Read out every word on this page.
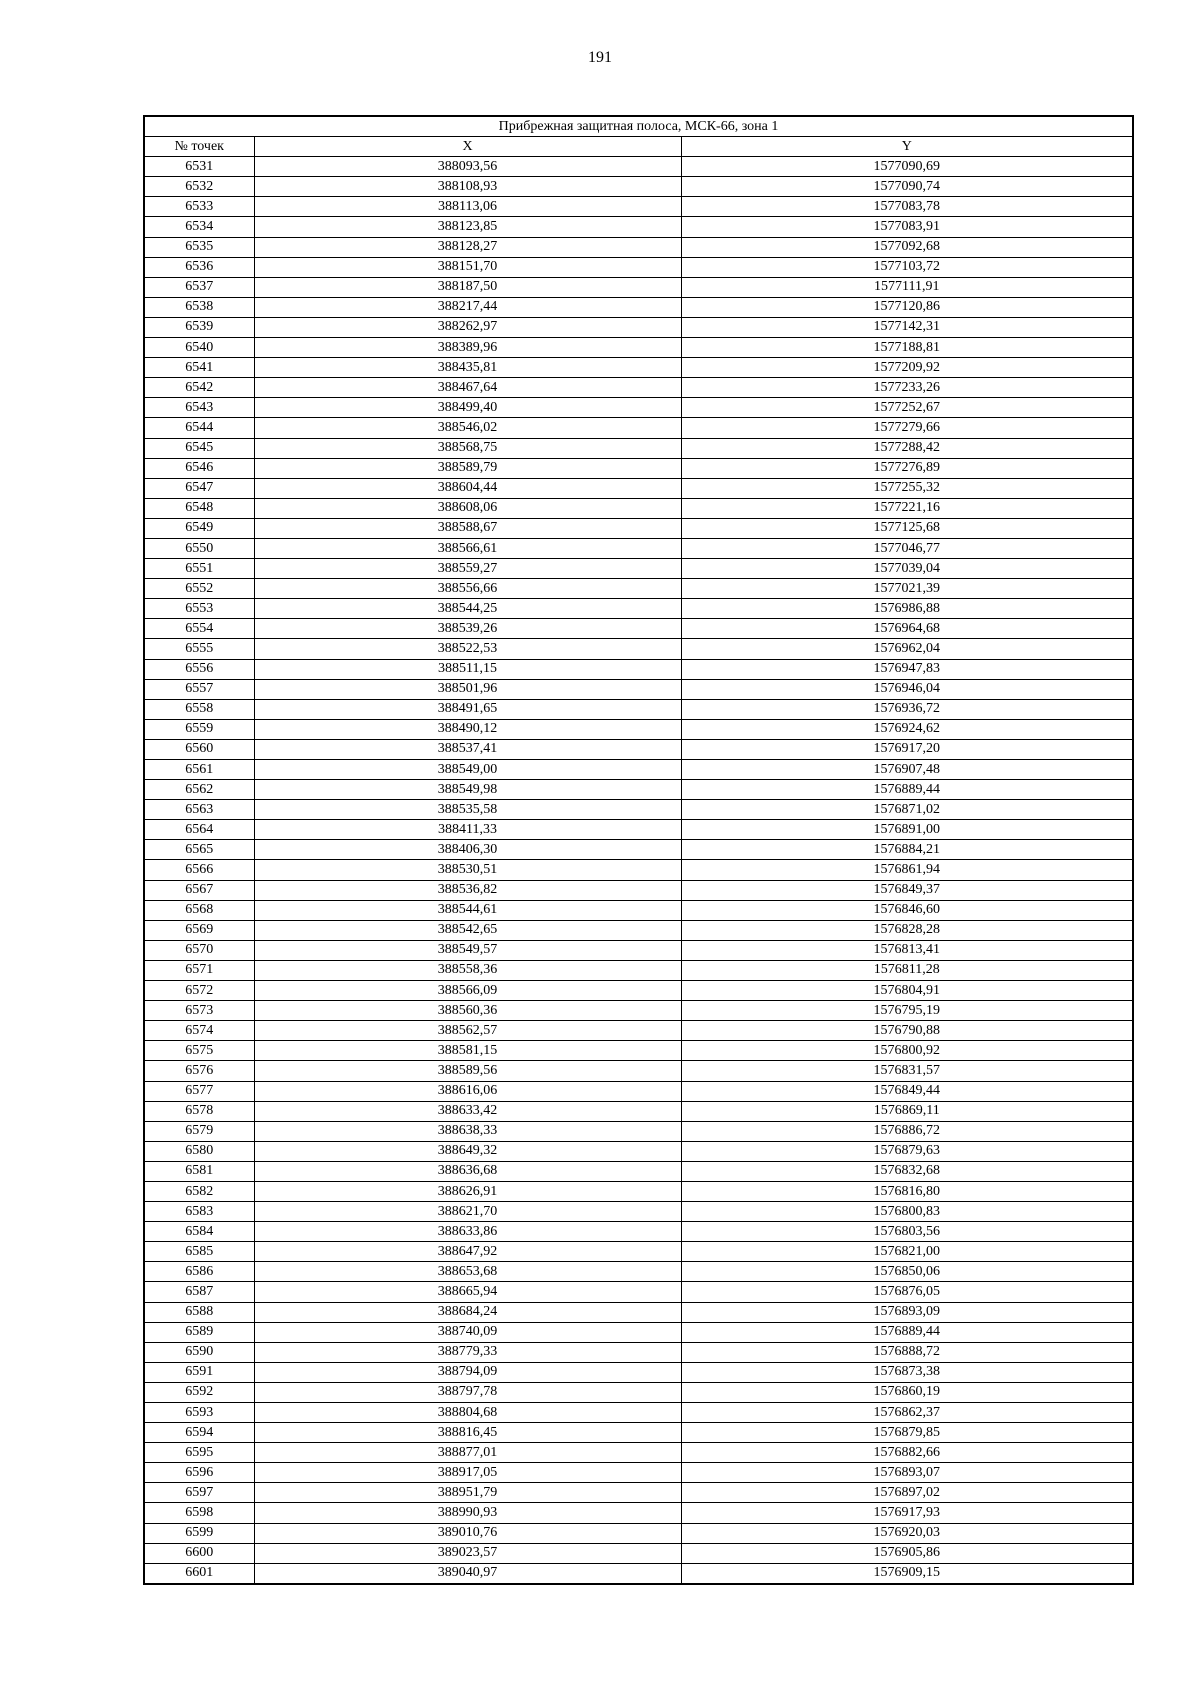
191
Прибрежная защитная полоса, МСК-66, зона 1		
№ точек	X	Y
6531	388093,56	1577090,69
6532	388108,93	1577090,74
6533	388113,06	1577083,78
6534	388123,85	1577083,91
6535	388128,27	1577092,68
6536	388151,70	1577103,72
6537	388187,50	1577111,91
6538	388217,44	1577120,86
6539	388262,97	1577142,31
6540	388389,96	1577188,81
6541	388435,81	1577209,92
6542	388467,64	1577233,26
6543	388499,40	1577252,67
6544	388546,02	1577279,66
6545	388568,75	1577288,42
6546	388589,79	1577276,89
6547	388604,44	1577255,32
6548	388608,06	1577221,16
6549	388588,67	1577125,68
6550	388566,61	1577046,77
6551	388559,27	1577039,04
6552	388556,66	1577021,39
6553	388544,25	1576986,88
6554	388539,26	1576964,68
6555	388522,53	1576962,04
6556	388511,15	1576947,83
6557	388501,96	1576946,04
6558	388491,65	1576936,72
6559	388490,12	1576924,62
6560	388537,41	1576917,20
6561	388549,00	1576907,48
6562	388549,98	1576889,44
6563	388535,58	1576871,02
6564	388411,33	1576891,00
6565	388406,30	1576884,21
6566	388530,51	1576861,94
6567	388536,82	1576849,37
6568	388544,61	1576846,60
6569	388542,65	1576828,28
6570	388549,57	1576813,41
6571	388558,36	1576811,28
6572	388566,09	1576804,91
6573	388560,36	1576795,19
6574	388562,57	1576790,88
6575	388581,15	1576800,92
6576	388589,56	1576831,57
6577	388616,06	1576849,44
6578	388633,42	1576869,11
6579	388638,33	1576886,72
6580	388649,32	1576879,63
6581	388636,68	1576832,68
6582	388626,91	1576816,80
6583	388621,70	1576800,83
6584	388633,86	1576803,56
6585	388647,92	1576821,00
6586	388653,68	1576850,06
6587	388665,94	1576876,05
6588	388684,24	1576893,09
6589	388740,09	1576889,44
6590	388779,33	1576888,72
6591	388794,09	1576873,38
6592	388797,78	1576860,19
6593	388804,68	1576862,37
6594	388816,45	1576879,85
6595	388877,01	1576882,66
6596	388917,05	1576893,07
6597	388951,79	1576897,02
6598	388990,93	1576917,93
6599	389010,76	1576920,03
6600	389023,57	1576905,86
6601	389040,97	1576909,15
